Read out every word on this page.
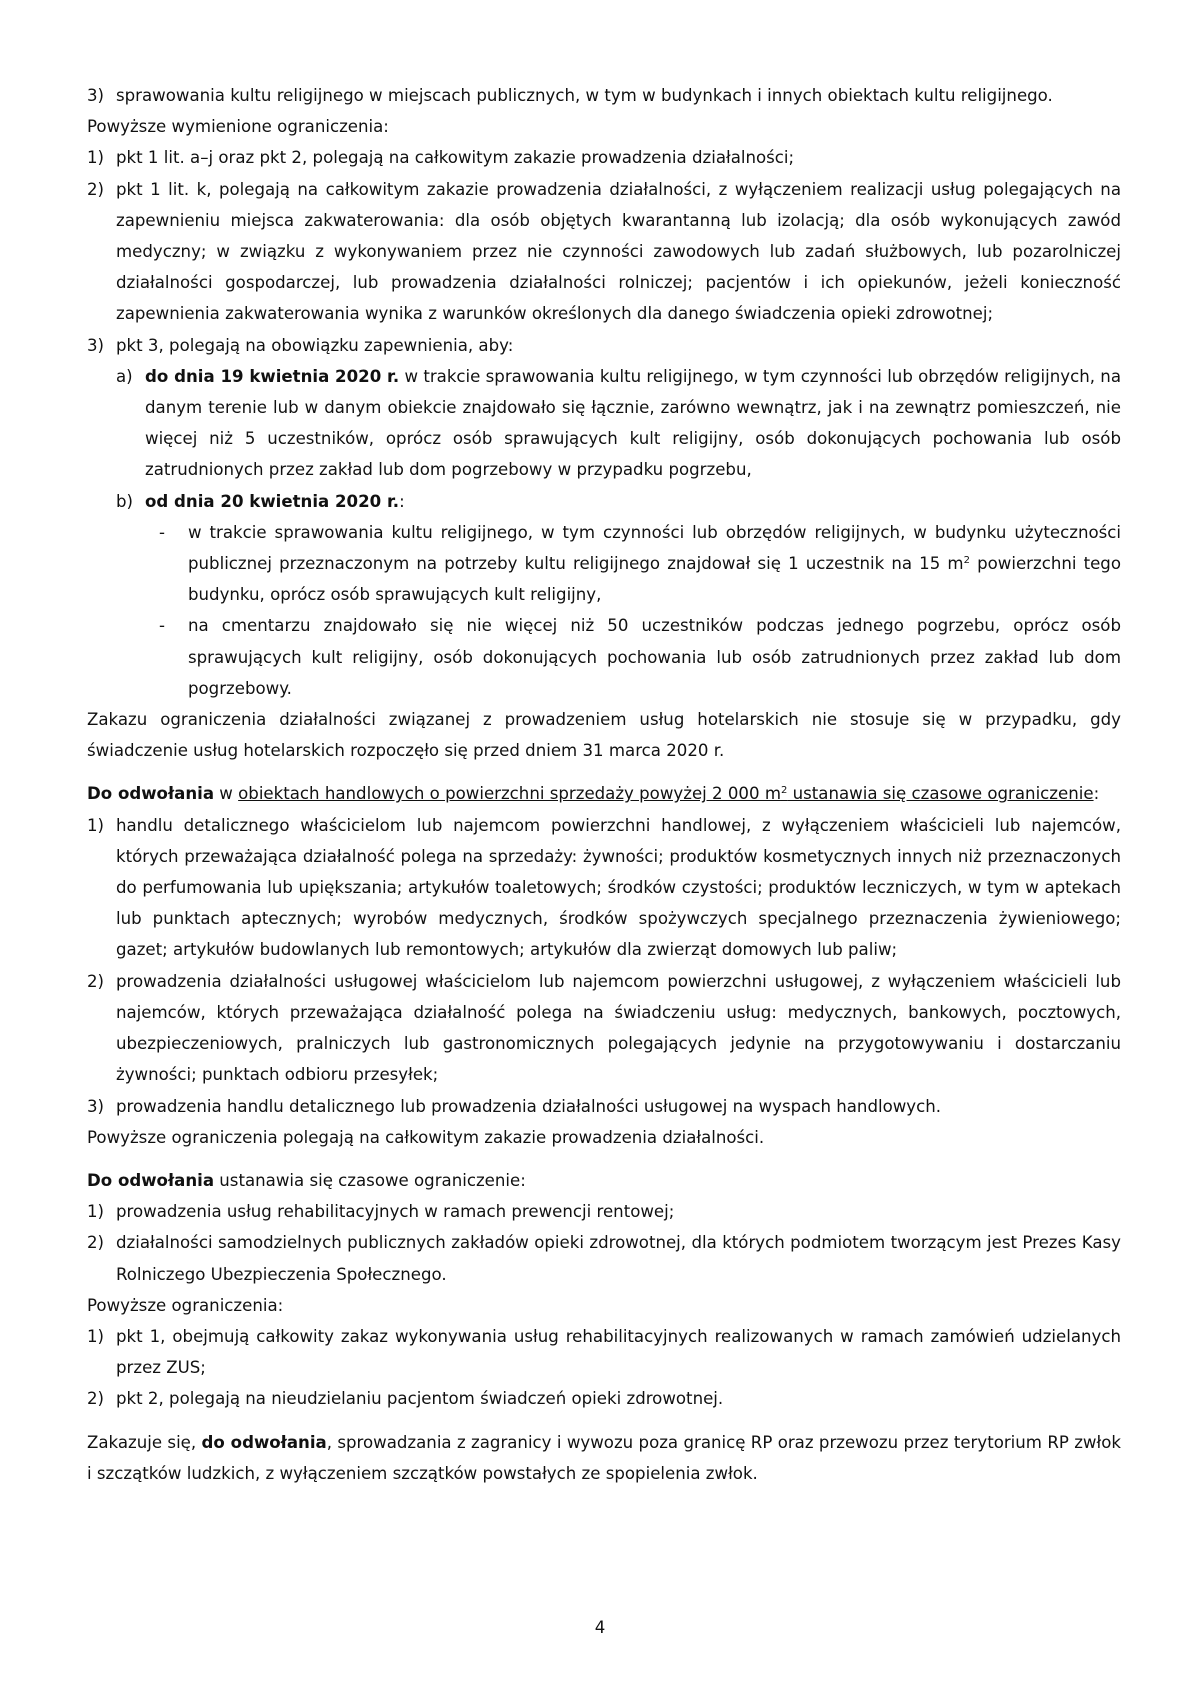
3) sprawowania kultu religijnego w miejscach publicznych, w tym w budynkach i innych obiektach kultu religijnego.

Powyższe wymienione ograniczenia:

1) pkt 1 lit. a–j oraz pkt 2, polegają na całkowitym zakazie prowadzenia działalności;
2) pkt 1 lit. k, polegają na całkowitym zakazie prowadzenia działalności, z wyłączeniem realizacji usług polegających na zapewnieniu miejsca zakwaterowania: dla osób objętych kwarantanną lub izolacją; dla osób wykonujących zawód medyczny; w związku z wykonywaniem przez nie czynności zawodowych lub zadań służbowych, lub pozarolniczej działalności gospodarczej, lub prowadzenia działalności rolniczej; pacjentów i ich opiekunów, jeżeli konieczność zapewnienia zakwaterowania wynika z warunków określonych dla danego świadczenia opieki zdrowotnej;
3) pkt 3, polegają na obowiązku zapewnienia, aby:
a) do dnia 19 kwietnia 2020 r. w trakcie sprawowania kultu religijnego, w tym czynności lub obrzędów religijnych, na danym terenie lub w danym obiekcie znajdowało się łącznie, zarówno wewnątrz, jak i na zewnątrz pomieszczeń, nie więcej niż 5 uczestników, oprócz osób sprawujących kult religijny, osób dokonujących pochowania lub osób zatrudnionych przez zakład lub dom pogrzebowy w przypadku pogrzebu,
b) od dnia 20 kwietnia 2020 r.:
- w trakcie sprawowania kultu religijnego, w tym czynności lub obrzędów religijnych, w budynku użyteczności publicznej przeznaczonym na potrzeby kultu religijnego znajdował się 1 uczestnik na 15 $m^2$ powierzchni tego budynku, oprócz osób sprawujących kult religijny,
- na cmentarzu znajdowało się nie więcej niż 50 uczestników podczas jednego pogrzebu, oprócz osób sprawujących kult religijny, osób dokonujących pochowania lub osób zatrudnionych przez zakład lub dom pogrzebowy.

Zakazu ograniczenia działalności związanej z prowadzeniem usług hotelarskich nie stosuje się w przypadku, gdy świadczenie usług hotelarskich rozpoczęło się przed dniem 31 marca 2020 r.

Do odwołania w obiektach handlowych o powierzchni sprzedaży powyżej 2 000 $m^2$ ustanawia się czasowe ograniczenie:

1) handlu detalicznego właścicielom lub najemcom powierzchni handlowej, z wyłączeniem właścicieli lub najemców, których przeważająca działalność polega na sprzedaży: żywności; produktów kosmetycznych innych niż przeznaczonych do perfumowania lub upiększania; artykułów toaletowych; środków czystości; produktów leczniczych, w tym w aptekach lub punktach aptecznych; wyrobów medycznych, środków spożywczych specjalnego przeznaczenia żywieniowego; gazet; artykułów budowlanych lub remontowych; artykułów dla zwierząt domowych lub paliw;
2) prowadzenia działalności usługowej właścicielom lub najemcom powierzchni usługowej, z wyłączeniem właścicieli lub najemców, których przeważająca działalność polega na świadczeniu usług: medycznych, bankowych, pocztowych, ubezpieczeniowych, pralniczych lub gastronomicznych polegających jedynie na przygotowywaniu i dostarczaniu żywności; punktach odbioru przesyłek;
3) prowadzenia handlu detalicznego lub prowadzenia działalności usługowej na wyspach handlowych.

Powyższe ograniczenia polegają na całkowitym zakazie prowadzenia działalności.

Do odwołania ustanawia się czasowe ograniczenie:

1) prowadzenia usług rehabilitacyjnych w ramach prewencji rentowej;
2) działalności samodzielnych publicznych zakładów opieki zdrowotnej, dla których podmiotem tworzącym jest Prezes Kasy Rolniczego Ubezpieczenia Społecznego.

Powyższe ograniczenia:

1) pkt 1, obejmują całkowity zakaz wykonywania usług rehabilitacyjnych realizowanych w ramach zamówień udzielanych przez ZUS;
2) pkt 2, polegają na nieudzielaniu pacjentom świadczeń opieki zdrowotnej.

Zakazuje się, do odwołania, sprowadzania z zagranicy i wywozu poza granicę RP oraz przewozu przez terytorium RP zwłok i szczątków ludzkich, z wyłączeniem szczątków powstałych ze spopielenia zwłok.

4
